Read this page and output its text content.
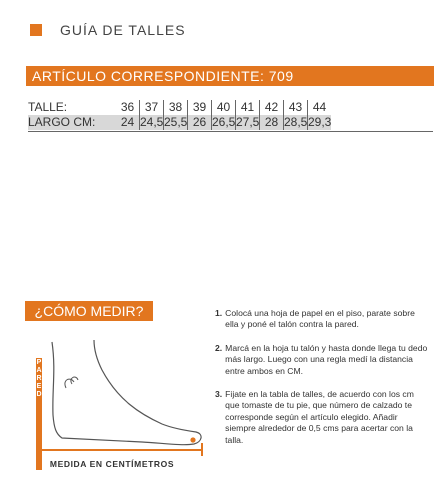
GUÍA DE TALLES
ARTÍCULO CORRESPONDIENTE: 709
TALLE:	36 37 38 39 40 41 42 43 44
LARGO CM:	24 24,5 25,5 26 26,5 27,5 28 28,5 29,3
¿CÓMO MEDIR?
P A R E D
MEDIDA EN CENTÍMETROS
1. Colocá una hoja de papel en el piso, parate sobre ella y poné el talón contra la pared.
2. Marcá en la hoja tu talón y hasta donde llega tu dedo más largo. Luego con una regla medí la distancia entre ambos en CM.
3. Fijate en la tabla de talles, de acuerdo con los cm que tomaste de tu pie, que número de calzado te corresponde según el artículo elegido. Añadir siempre alrededor de 0,5 cms para acertar con la talla.
